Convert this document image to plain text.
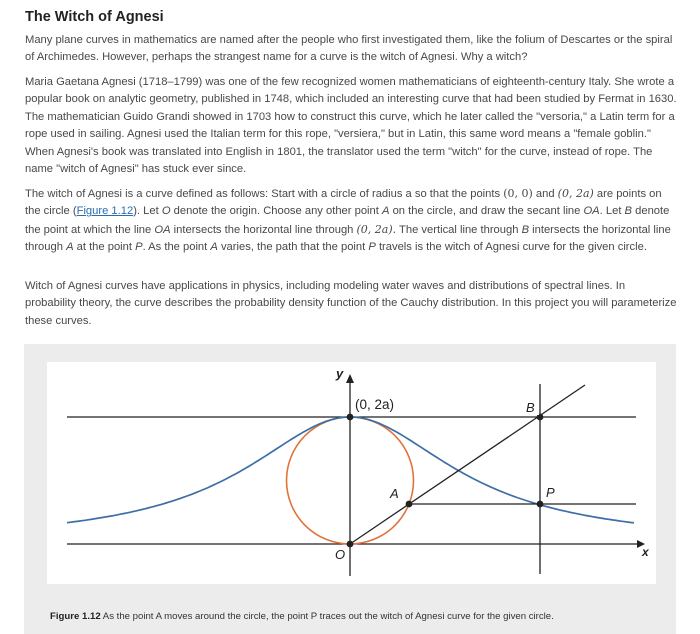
The Witch of Agnesi

Many plane curves in mathematics are named after the people who first investigated them, like the folium of Descartes or the spiral of Archimedes. However, perhaps the strangest name for a curve is the witch of Agnesi. Why a witch?

Maria Gaetana Agnesi (1718–1799) was one of the few recognized women mathematicians of eighteenth-century Italy. She wrote a popular book on analytic geometry, published in 1748, which included an interesting curve that had been studied by Fermat in 1630. The mathematician Guido Grandi showed in 1703 how to construct this curve, which he later called the "versoria," a Latin term for a rope used in sailing. Agnesi used the Italian term for this rope, "versiera," but in Latin, this same word means a "female goblin." When Agnesi's book was translated into English in 1801, the translator used the term "witch" for the curve, instead of rope. The name "witch of Agnesi" has stuck ever since.

The witch of Agnesi is a curve defined as follows: Start with a circle of radius a so that the points (0, 0) and (0, 2a) are points on the circle (Figure 1.12). Let O denote the origin. Choose any other point A on the circle, and draw the secant line OA. Let B denote the point at which the line OA intersects the horizontal line through (0, 2a). The vertical line through B intersects the horizontal line through A at the point P. As the point A varies, the path that the point P travels is the witch of Agnesi curve for the given circle.

Witch of Agnesi curves have applications in physics, including modeling water waves and distributions of spectral lines. In probability theory, the curve describes the probability density function of the Cauchy distribution. In this project you will parameterize these curves.

y
x
(0, 2a)
O
A
B
P
Figure 1.12 As the point A moves around the circle, the point P traces out the witch of Agnesi curve for the given circle.
